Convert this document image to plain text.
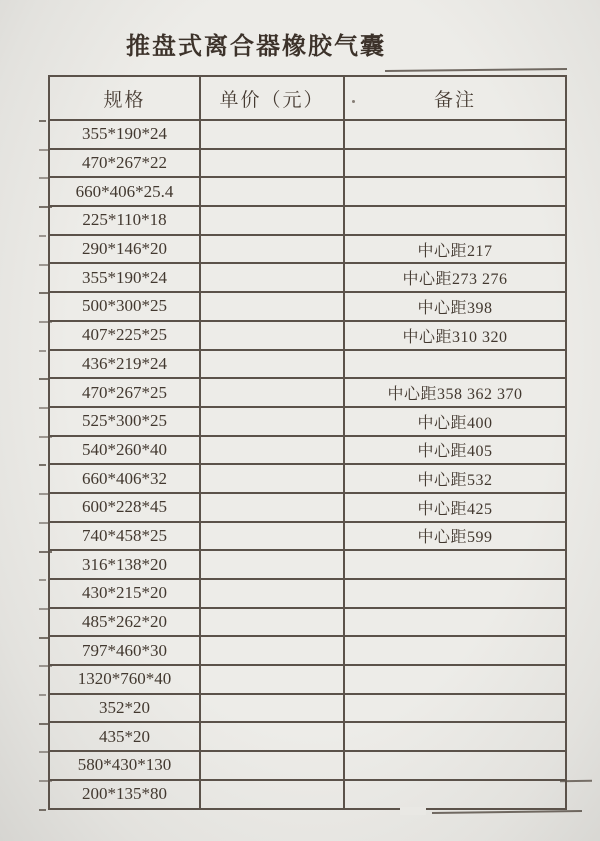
推盘式离合器橡胶气囊
规格	单价（元）	备注
355*190*24		
470*267*22		
660*406*25.4		
225*110*18		
290*146*20		中心距217
355*190*24		中心距273 276
500*300*25		中心距398
407*225*25		中心距310 320
436*219*24		
470*267*25		中心距358 362 370
525*300*25		中心距400
540*260*40		中心距405
660*406*32		中心距532
600*228*45		中心距425
740*458*25		中心距599
316*138*20		
430*215*20		
485*262*20		
797*460*30		
1320*760*40		
352*20		
435*20		
580*430*130		
200*135*80		
